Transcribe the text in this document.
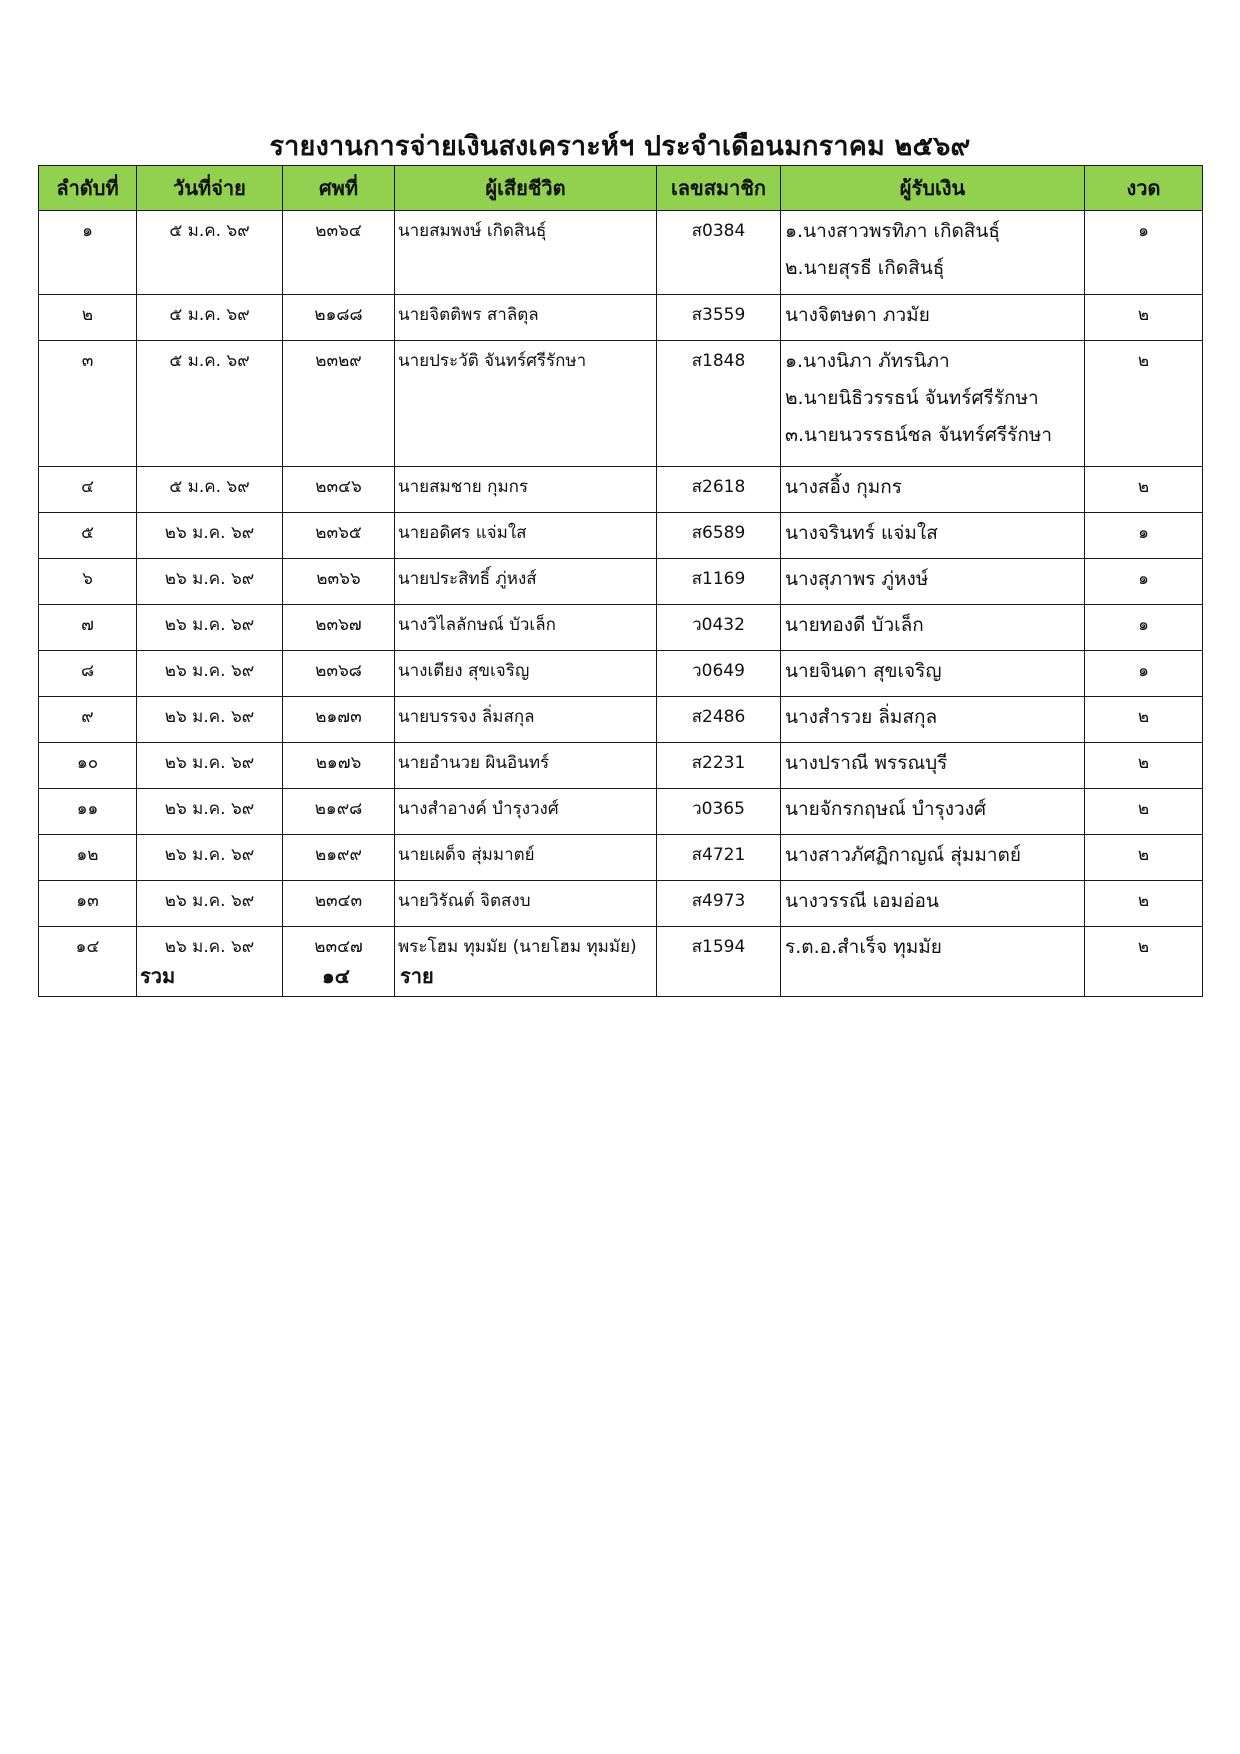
รายงานการจ่ายเงินสงเคราะห์ฯ ประจำเดือนมกราคม ๒๕๖๙
ลำดับที่	วันที่จ่าย	ศพที่	ผู้เสียชีวิต	เลขสมาชิก	ผู้รับเงิน	งวด
๑	๕ ม.ค. ๖๙	๒๓๖๔	นายสมพงษ์ เกิดสินธุ์	ส0384	๑.นางสาวพรทิภา เกิดสินธุ์
๒.นายสุรธี เกิดสินธุ์	๑
๒	๕ ม.ค. ๖๙	๒๑๘๘	นายจิตติพร สาลิตุล	ส3559	นางจิตษดา ภวมัย	๒
๓	๕ ม.ค. ๖๙	๒๓๒๙	นายประวัติ จันทร์ศรีรักษา	ส1848	๑.นางนิภา ภัทรนิภา
๒.นายนิธิวรรธน์ จันทร์ศรีรักษา
๓.นายนวรรธน์ชล จันทร์ศรีรักษา	๒
๔	๕ ม.ค. ๖๙	๒๓๔๖	นายสมชาย กุมกร	ส2618	นางสอิ้ง กุมกร	๒
๕	๒๖ ม.ค. ๖๙	๒๓๖๕	นายอดิศร แจ่มใส	ส6589	นางจรินทร์ แจ่มใส	๑
๖	๒๖ ม.ค. ๖๙	๒๓๖๖	นายประสิทธิ์ ภู่หงส์	ส1169	นางสุภาพร ภู่หงษ์	๑
๗	๒๖ ม.ค. ๖๙	๒๓๖๗	นางวิไลลักษณ์ บัวเล็ก	ว0432	นายทองดี บัวเล็ก	๑
๘	๒๖ ม.ค. ๖๙	๒๓๖๘	นางเตียง สุขเจริญ	ว0649	นายจินดา สุขเจริญ	๑
๙	๒๖ ม.ค. ๖๙	๒๑๗๓	นายบรรจง ลิ่มสกุล	ส2486	นางสำรวย ลิ่มสกุล	๒
๑๐	๒๖ ม.ค. ๖๙	๒๑๗๖	นายอำนวย ผินอินทร์	ส2231	นางปราณี พรรณบุรี	๒
๑๑	๒๖ ม.ค. ๖๙	๒๑๙๘	นางสำอางค์ บำรุงวงศ์	ว0365	นายจักรกฤษณ์ บำรุงวงศ์	๒
๑๒	๒๖ ม.ค. ๖๙	๒๑๙๙	นายเผด็จ สุ่มมาตย์	ส4721	นางสาวภัศฏิกาญณ์ สุ่มมาตย์	๒
๑๓	๒๖ ม.ค. ๖๙	๒๓๔๓	นายวิรัณต์ จิตสงบ	ส4973	นางวรรณี เอมอ่อน	๒
๑๔	๒๖ ม.ค. ๖๙	๒๓๔๗	พระโฮม ทุมมัย (นายโฮม ทุมมัย)	ส1594	ร.ต.อ.สำเร็จ ทุมมัย	๒
รวม	๑๔	ราย
